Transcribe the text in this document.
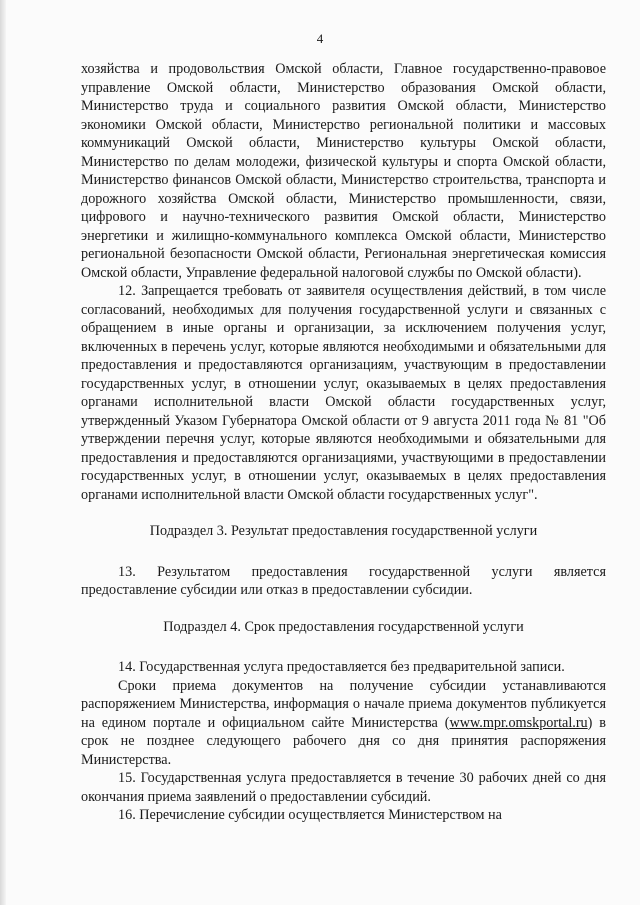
4

хозяйства и продовольствия Омской области, Главное государственно-правовое управление Омской области, Министерство образования Омской области, Министерство труда и социального развития Омской области, Министерство экономики Омской области, Министерство региональной политики и массовых коммуникаций Омской области, Министерство культуры Омской области, Министерство по делам молодежи, физической культуры и спорта Омской области, Министерство финансов Омской области, Министерство строительства, транспорта и дорожного хозяйства Омской области, Министерство промышленности, связи, цифрового и научно-технического развития Омской области, Министерство энергетики и жилищно-коммунального комплекса Омской области, Министерство региональной безопасности Омской области, Региональная энергетическая комиссия Омской области, Управление федеральной налоговой службы по Омской области).

12. Запрещается требовать от заявителя осуществления действий, в том числе согласований, необходимых для получения государственной услуги и связанных с обращением в иные органы и организации, за исключением получения услуг, включенных в перечень услуг, которые являются необходимыми и обязательными для предоставления и предоставляются организациям, участвующим в предоставлении государственных услуг, в отношении услуг, оказываемых в целях предоставления органами исполнительной власти Омской области государственных услуг, утвержденный Указом Губернатора Омской области от 9 августа 2011 года № 81 "Об утверждении перечня услуг, которые являются необходимыми и обязательными для предоставления и предоставляются организациями, участвующими в предоставлении государственных услуг, в отношении услуг, оказываемых в целях предоставления органами исполнительной власти Омской области государственных услуг".

Подраздел 3. Результат предоставления государственной услуги

13. Результатом предоставления государственной услуги является предоставление субсидии или отказ в предоставлении субсидии.

Подраздел 4. Срок предоставления государственной услуги

14. Государственная услуга предоставляется без предварительной записи.

Сроки приема документов на получение субсидии устанавливаются распоряжением Министерства, информация о начале приема документов публикуется на едином портале и официальном сайте Министерства (www.mpr.omskportal.ru) в срок не позднее следующего рабочего дня со дня принятия распоряжения Министерства.

15. Государственная услуга предоставляется в течение 30 рабочих дней со дня окончания приема заявлений о предоставлении субсидий.

16. Перечисление субсидии осуществляется Министерством на
